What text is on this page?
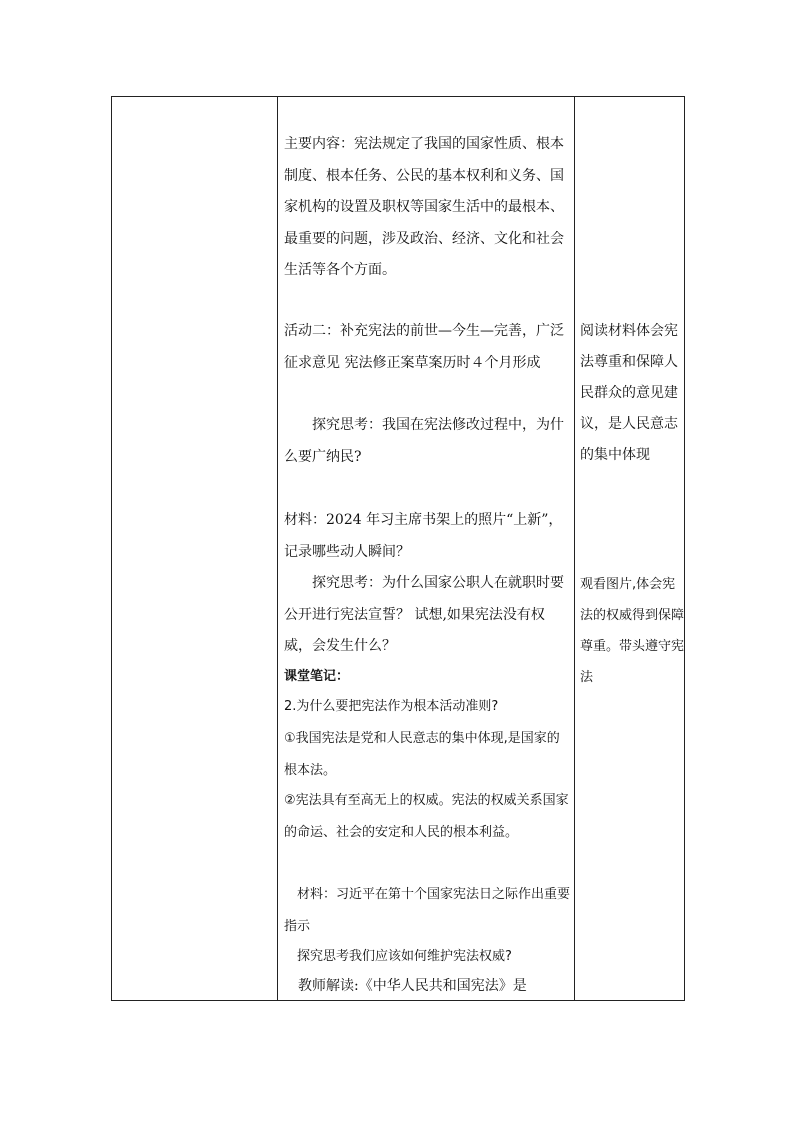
主要内容：宪法规定了我国的国家性质、根本制度、根本任务、公民的基本权利和义务、国家机构的设置及职权等国家生活中的最根本、最重要的问题，涉及政治、经济、文化和社会生活等各个方面。

活动二：补充宪法的前世—今生—完善，广泛征求意见 宪法修正案草案历时４个月形成

探究思考：我国在宪法修改过程中，为什么要广纳民?

材料：2024 年习主席书架上的照片“上新”，记录哪些动人瞬间？

探究思考：为什么国家公职人在就职时要公开进行宪法宣誓？ 试想,如果宪法没有权威，会发生什么？

课堂笔记：

2.为什么要把宪法作为根本活动准则?

①我国宪法是党和人民意志的集中体现,是国家的根本法。

②宪法具有至高无上的权威。宪法的权威关系国家的命运、社会的安定和人民的根本利益。

材料：习近平在第十个国家宪法日之际作出重要指示

探究思考我们应该如何维护宪法权威?

教师解读:《中华人民共和国宪法》是

阅读材料体会宪法尊重和保障人民群众的意见建议，是人民意志的集中体现

观看图片,体会宪法的权威得到保障尊重。带头遵守宪法
